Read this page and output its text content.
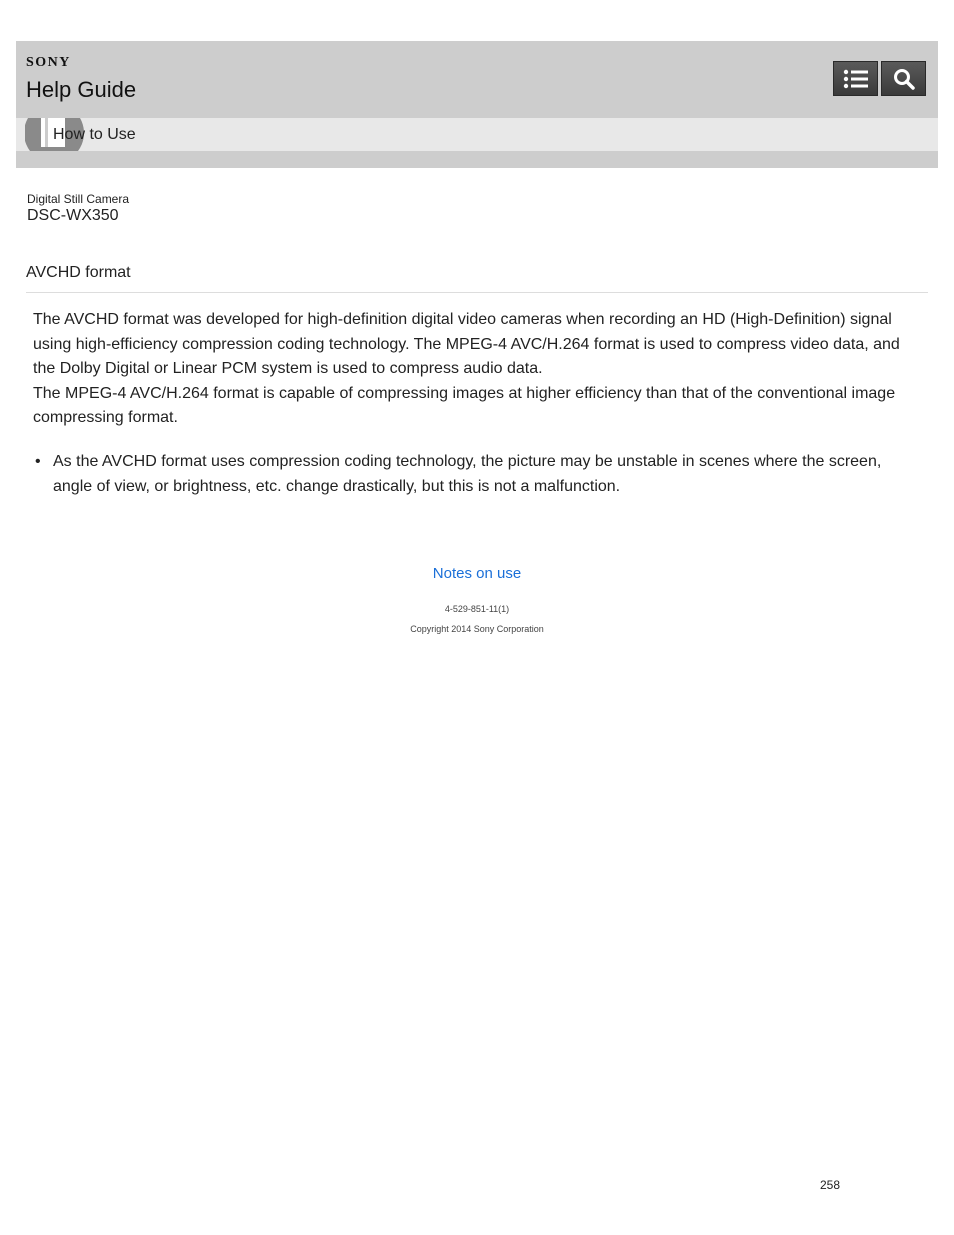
SONY
Help Guide
How to Use
Digital Still Camera
DSC-WX350
AVCHD format

The AVCHD format was developed for high-definition digital video cameras when recording an HD (High-Definition) signal using high-efficiency compression coding technology. The MPEG-4 AVC/H.264 format is used to compress video data, and the Dolby Digital or Linear PCM system is used to compress audio data.

The MPEG-4 AVC/H.264 format is capable of compressing images at higher efficiency than that of the conventional image compressing format.

• As the AVCHD format uses compression coding technology, the picture may be unstable in scenes where the screen, angle of view, or brightness, etc. change drastically, but this is not a malfunction.
Notes on use
4-529-851-11(1)
Copyright 2014 Sony Corporation
258
